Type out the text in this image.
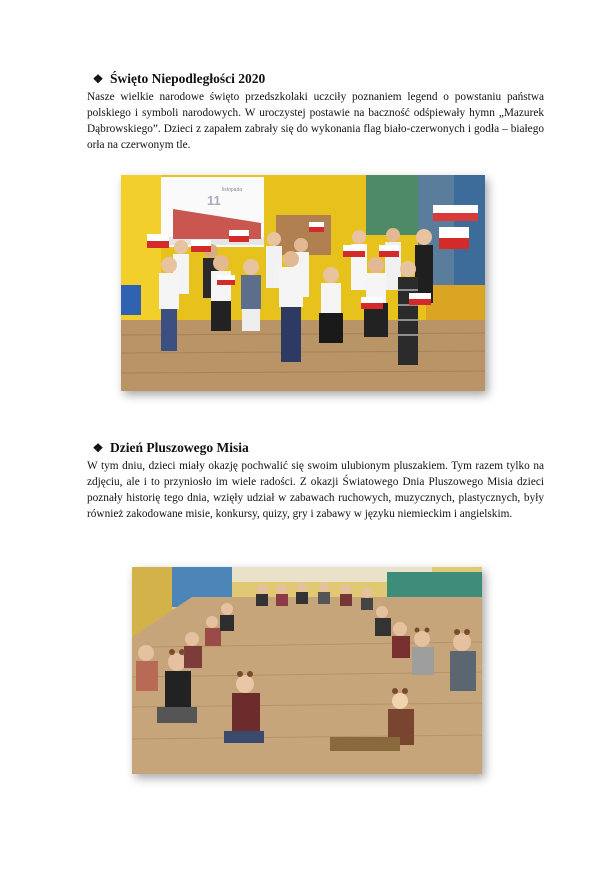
❖ Święto Niepodległości 2020

Nasze wielkie narodowe święto przedszkolaki uczciły poznaniem legend o powstaniu państwa polskiego i symboli narodowych. W uroczystej postawie na baczność odśpiewały hymn „Mazurek Dąbrowskiego”. Dzieci z zapałem zabrały się do wykonania flag biało-czerwonych i godła – białego orła na czerwonym tle.

11
listopada
❖ Dzień Pluszowego Misia

W tym dniu, dzieci miały okazję pochwalić się swoim ulubionym pluszakiem. Tym razem tylko na zdjęciu, ale i to przyniosło im wiele radości. Z okazji Światowego Dnia Pluszowego Misia dzieci poznały historię tego dnia, wzięły udział w zabawach ruchowych, muzycznych, plastycznych, były również zakodowane misie, konkursy, quizy, gry i zabawy w języku niemieckim i angielskim.
